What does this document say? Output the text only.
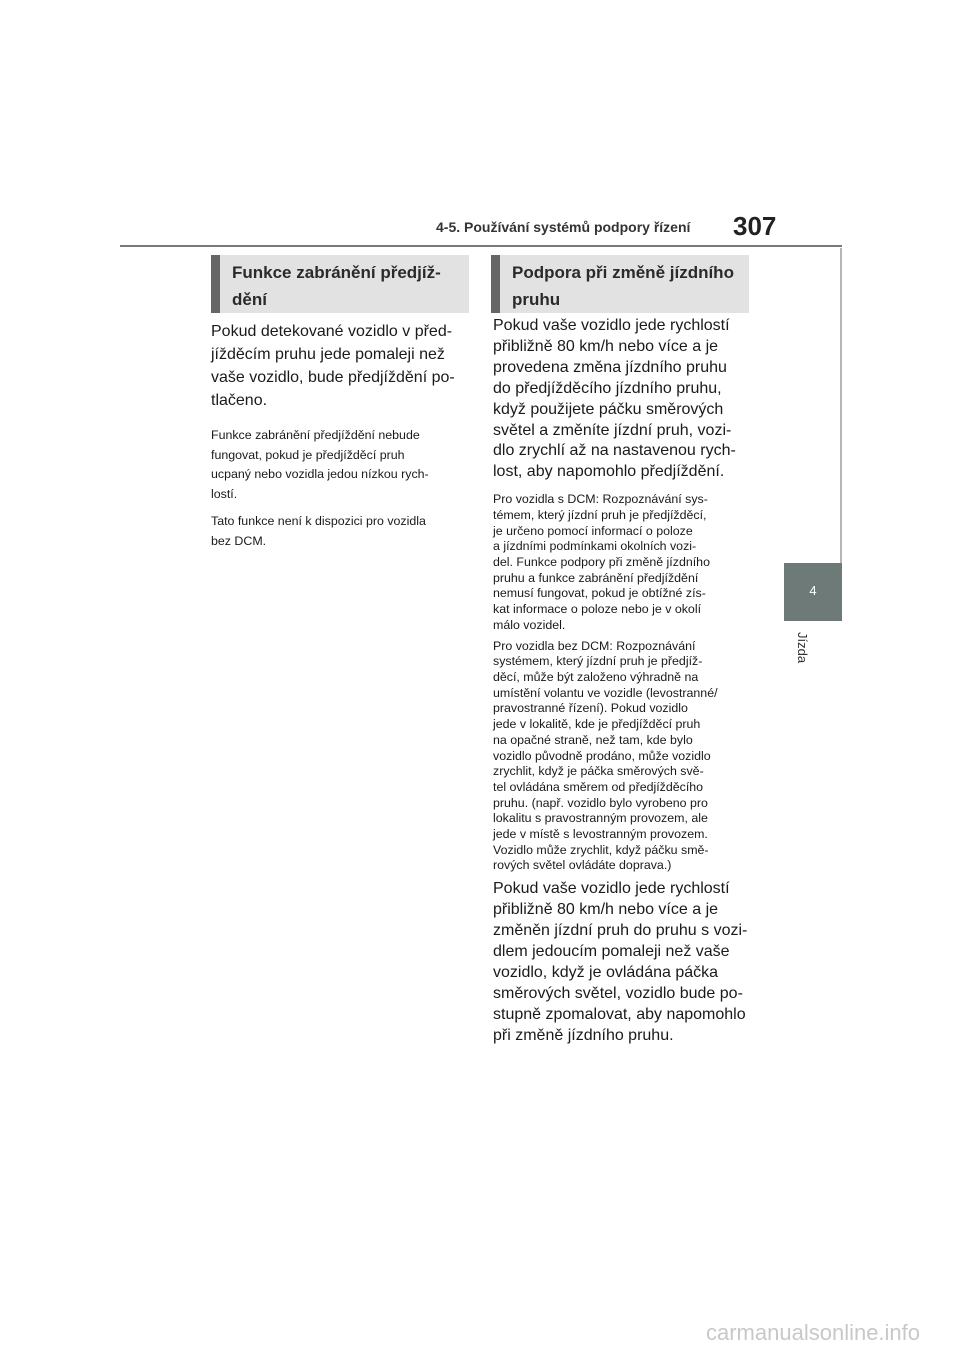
4-5. Používání systémů podpory řízení 307
4
Jízda
Funkce zabránění předjíž-
dění

Pokud detekované vozidlo v před-
jížděcím pruhu jede pomaleji než
vaše vozidlo, bude předjíždění po-
tlačeno.

Funkce zabránění předjíždění nebude
fungovat, pokud je předjížděcí pruh
ucpaný nebo vozidla jedou nízkou rych-
lostí.

Tato funkce není k dispozici pro vozidla
bez DCM.

Podpora při změně jízdního
pruhu

Pokud vaše vozidlo jede rychlostí
přibližně 80 km/h nebo více a je
provedena změna jízdního pruhu
do předjížděcího jízdního pruhu,
když použijete páčku směrových
světel a změníte jízdní pruh, vozi-
dlo zrychlí až na nastavenou rych-
lost, aby napomohlo předjíždění.

Pro vozidla s DCM: Rozpoznávání sys-
témem, který jízdní pruh je předjížděcí,
je určeno pomocí informací o poloze
a jízdními podmínkami okolních vozi-
del. Funkce podpory při změně jízdního
pruhu a funkce zabránění předjíždění
nemusí fungovat, pokud je obtížné zís-
kat informace o poloze nebo je v okolí
málo vozidel.

Pro vozidla bez DCM: Rozpoznávání
systémem, který jízdní pruh je předjíž-
děcí, může být založeno výhradně na
umístění volantu ve vozidle (levostranné/
pravostranné řízení). Pokud vozidlo
jede v lokalitě, kde je předjížděcí pruh
na opačné straně, než tam, kde bylo
vozidlo původně prodáno, může vozidlo
zrychlit, když je páčka směrových svě-
tel ovládána směrem od předjížděcího
pruhu. (např. vozidlo bylo vyrobeno pro
lokalitu s pravostranným provozem, ale
jede v místě s levostranným provozem.
Vozidlo může zrychlit, když páčku smě-
rových světel ovládáte doprava.)

Pokud vaše vozidlo jede rychlostí
přibližně 80 km/h nebo více a je
změněn jízdní pruh do pruhu s vozi-
dlem jedoucím pomaleji než vaše
vozidlo, když je ovládána páčka
směrových světel, vozidlo bude po-
stupně zpomalovat, aby napomohlo
při změně jízdního pruhu.

carmanualsonline.info
